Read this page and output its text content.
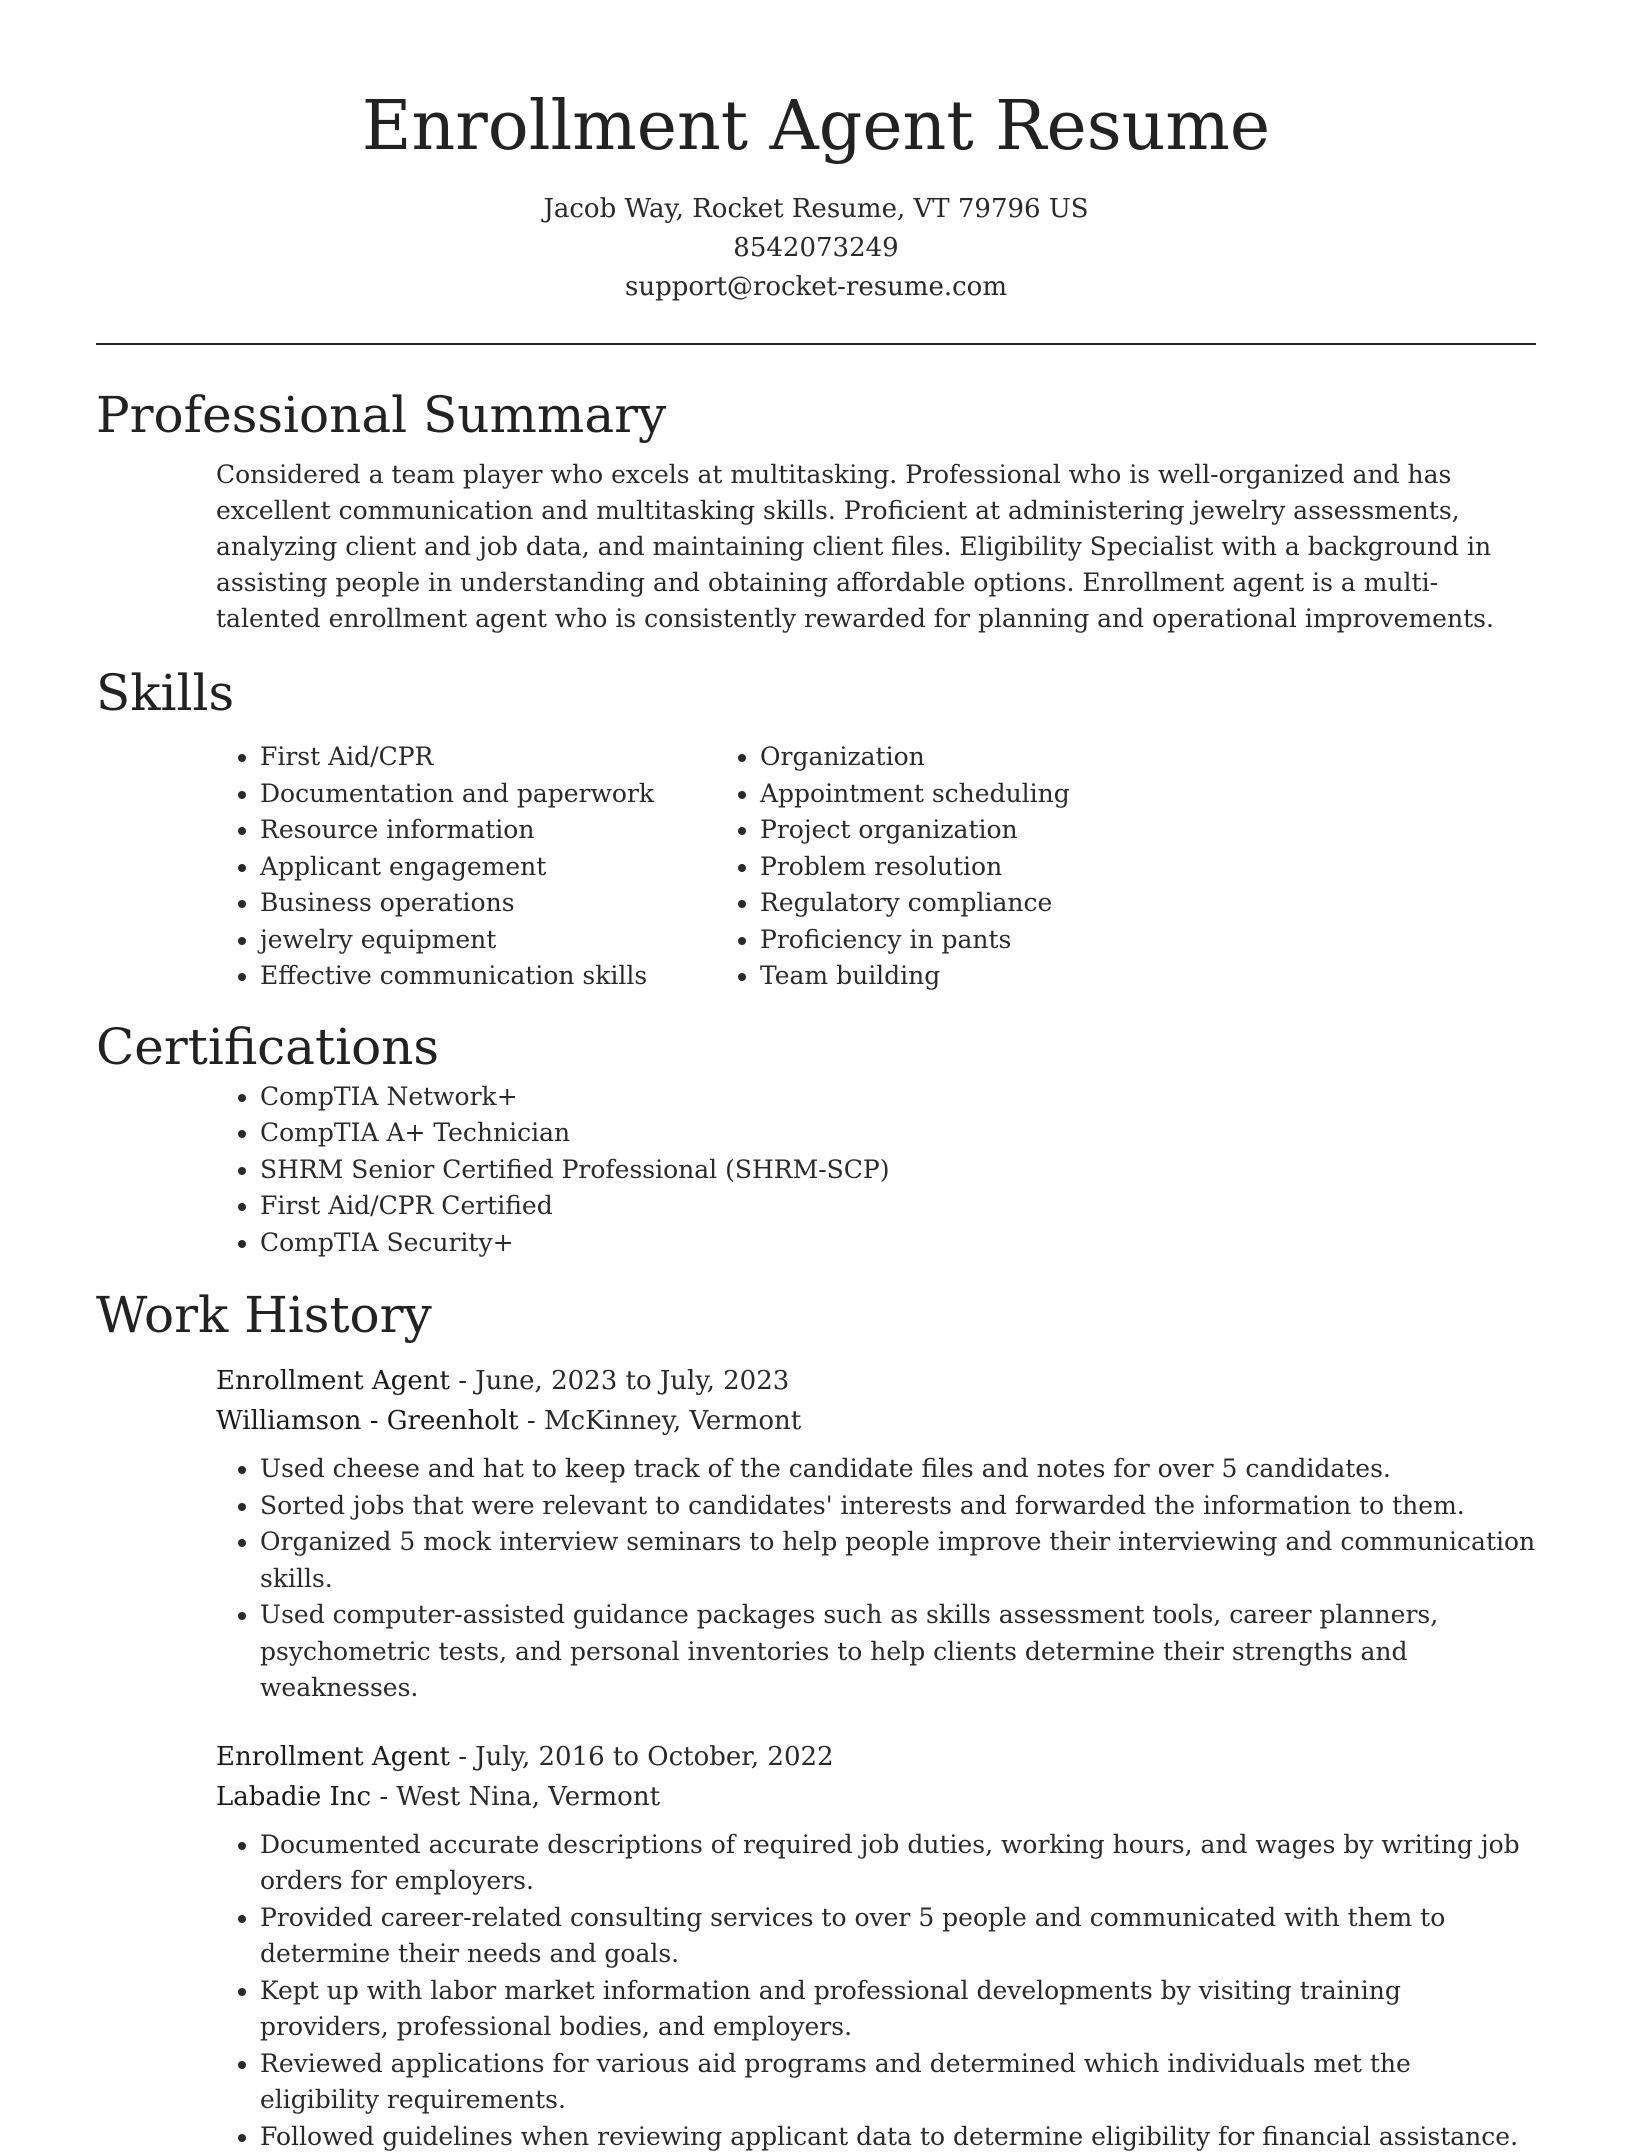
Enrollment Agent Resume
Jacob Way, Rocket Resume, VT 79796 US
8542073249
support@rocket-resume.com
Professional Summary

Considered a team player who excels at multitasking. Professional who is well-organized and has excellent communication and multitasking skills. Proficient at administering jewelry assessments, analyzing client and job data, and maintaining client files. Eligibility Specialist with a background in assisting people in understanding and obtaining affordable options. Enrollment agent is a multi-talented enrollment agent who is consistently rewarded for planning and operational improvements.

Skills
• First Aid/CPR
• Documentation and paperwork
• Resource information
• Applicant engagement
• Business operations
• jewelry equipment
• Effective communication skills
• Organization
• Appointment scheduling
• Project organization
• Problem resolution
• Regulatory compliance
• Proficiency in pants
• Team building
Certifications
• CompTIA Network+
• CompTIA A+ Technician
• SHRM Senior Certified Professional (SHRM-SCP)
• First Aid/CPR Certified
• CompTIA Security+
Work History
Enrollment Agent - June, 2023 to July, 2023
Williamson - Greenholt - McKinney, Vermont
• Used cheese and hat to keep track of the candidate files and notes for over 5 candidates.
• Sorted jobs that were relevant to candidates' interests and forwarded the information to them.
• Organized 5 mock interview seminars to help people improve their interviewing and communication skills.
• Used computer-assisted guidance packages such as skills assessment tools, career planners, psychometric tests, and personal inventories to help clients determine their strengths and weaknesses.
Enrollment Agent - July, 2016 to October, 2022
Labadie Inc - West Nina, Vermont
• Documented accurate descriptions of required job duties, working hours, and wages by writing job orders for employers.
• Provided career-related consulting services to over 5 people and communicated with them to determine their needs and goals.
• Kept up with labor market information and professional developments by visiting training providers, professional bodies, and employers.
• Reviewed applications for various aid programs and determined which individuals met the eligibility requirements.
• Followed guidelines when reviewing applicant data to determine eligibility for financial assistance.
